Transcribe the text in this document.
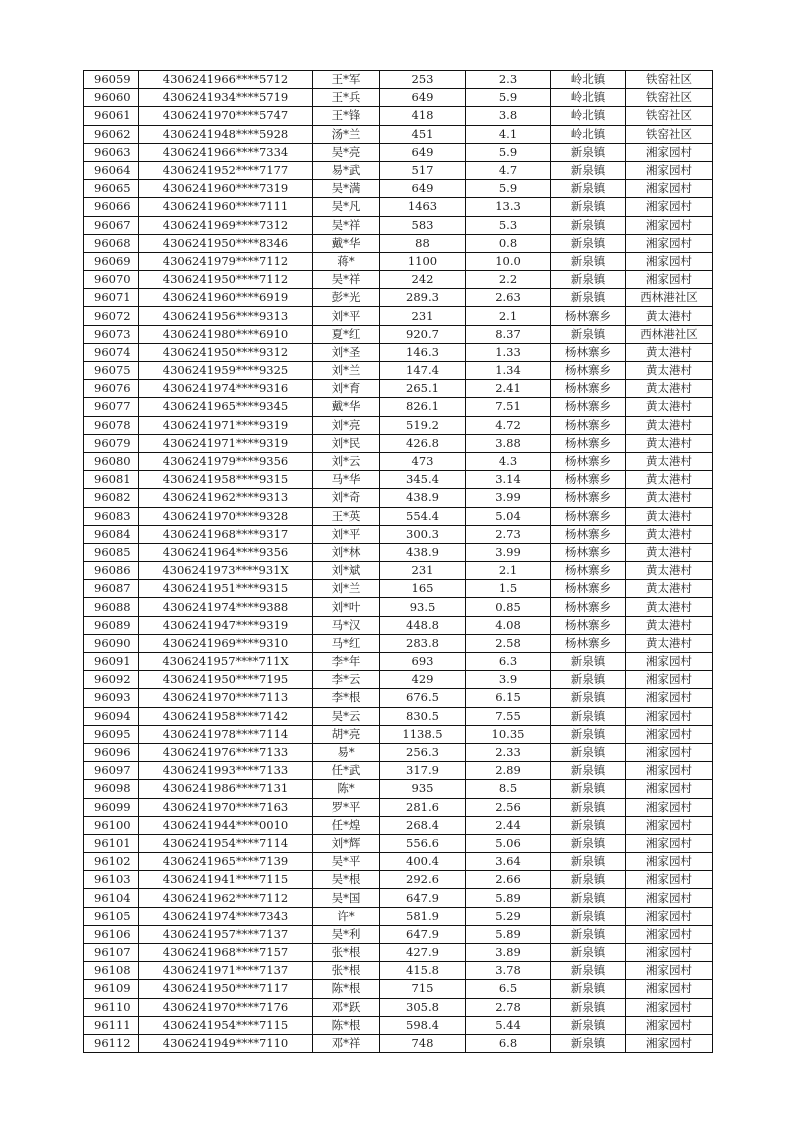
96059	4306241966****5712	王*军	253	2.3	岭北镇	铁窑社区
96060	4306241934****5719	王*兵	649	5.9	岭北镇	铁窑社区
96061	4306241970****5747	王*锋	418	3.8	岭北镇	铁窑社区
96062	4306241948****5928	汤*兰	451	4.1	岭北镇	铁窑社区
96063	4306241966****7334	吴*亮	649	5.9	新泉镇	湘家园村
96064	4306241952****7177	易*武	517	4.7	新泉镇	湘家园村
96065	4306241960****7319	吴*满	649	5.9	新泉镇	湘家园村
96066	4306241960****7111	吴*凡	1463	13.3	新泉镇	湘家园村
96067	4306241969****7312	吴*祥	583	5.3	新泉镇	湘家园村
96068	4306241950****8346	戴*华	88	0.8	新泉镇	湘家园村
96069	4306241979****7112	蒋*	1100	10.0	新泉镇	湘家园村
96070	4306241950****7112	吴*祥	242	2.2	新泉镇	湘家园村
96071	4306241960****6919	彭*光	289.3	2.63	新泉镇	西林港社区
96072	4306241956****9313	刘*平	231	2.1	杨林寨乡	黄太港村
96073	4306241980****6910	夏*红	920.7	8.37	新泉镇	西林港社区
96074	4306241950****9312	刘*圣	146.3	1.33	杨林寨乡	黄太港村
96075	4306241959****9325	刘*兰	147.4	1.34	杨林寨乡	黄太港村
96076	4306241974****9316	刘*育	265.1	2.41	杨林寨乡	黄太港村
96077	4306241965****9345	戴*华	826.1	7.51	杨林寨乡	黄太港村
96078	4306241971****9319	刘*亮	519.2	4.72	杨林寨乡	黄太港村
96079	4306241971****9319	刘*民	426.8	3.88	杨林寨乡	黄太港村
96080	4306241979****9356	刘*云	473	4.3	杨林寨乡	黄太港村
96081	4306241958****9315	马*华	345.4	3.14	杨林寨乡	黄太港村
96082	4306241962****9313	刘*奇	438.9	3.99	杨林寨乡	黄太港村
96083	4306241970****9328	王*英	554.4	5.04	杨林寨乡	黄太港村
96084	4306241968****9317	刘*平	300.3	2.73	杨林寨乡	黄太港村
96085	4306241964****9356	刘*林	438.9	3.99	杨林寨乡	黄太港村
96086	4306241973****931X	刘*斌	231	2.1	杨林寨乡	黄太港村
96087	4306241951****9315	刘*兰	165	1.5	杨林寨乡	黄太港村
96088	4306241974****9388	刘*叶	93.5	0.85	杨林寨乡	黄太港村
96089	4306241947****9319	马*汉	448.8	4.08	杨林寨乡	黄太港村
96090	4306241969****9310	马*红	283.8	2.58	杨林寨乡	黄太港村
96091	4306241957****711X	李*年	693	6.3	新泉镇	湘家园村
96092	4306241950****7195	李*云	429	3.9	新泉镇	湘家园村
96093	4306241970****7113	李*根	676.5	6.15	新泉镇	湘家园村
96094	4306241958****7142	吴*云	830.5	7.55	新泉镇	湘家园村
96095	4306241978****7114	胡*亮	1138.5	10.35	新泉镇	湘家园村
96096	4306241976****7133	易*	256.3	2.33	新泉镇	湘家园村
96097	4306241993****7133	任*武	317.9	2.89	新泉镇	湘家园村
96098	4306241986****7131	陈*	935	8.5	新泉镇	湘家园村
96099	4306241970****7163	罗*平	281.6	2.56	新泉镇	湘家园村
96100	4306241944****0010	任*煌	268.4	2.44	新泉镇	湘家园村
96101	4306241954****7114	刘*辉	556.6	5.06	新泉镇	湘家园村
96102	4306241965****7139	吴*平	400.4	3.64	新泉镇	湘家园村
96103	4306241941****7115	吴*根	292.6	2.66	新泉镇	湘家园村
96104	4306241962****7112	吴*国	647.9	5.89	新泉镇	湘家园村
96105	4306241974****7343	许*	581.9	5.29	新泉镇	湘家园村
96106	4306241957****7137	吴*利	647.9	5.89	新泉镇	湘家园村
96107	4306241968****7157	张*根	427.9	3.89	新泉镇	湘家园村
96108	4306241971****7137	张*根	415.8	3.78	新泉镇	湘家园村
96109	4306241950****7117	陈*根	715	6.5	新泉镇	湘家园村
96110	4306241970****7176	邓*跃	305.8	2.78	新泉镇	湘家园村
96111	4306241954****7115	陈*根	598.4	5.44	新泉镇	湘家园村
96112	4306241949****7110	邓*祥	748	6.8	新泉镇	湘家园村
